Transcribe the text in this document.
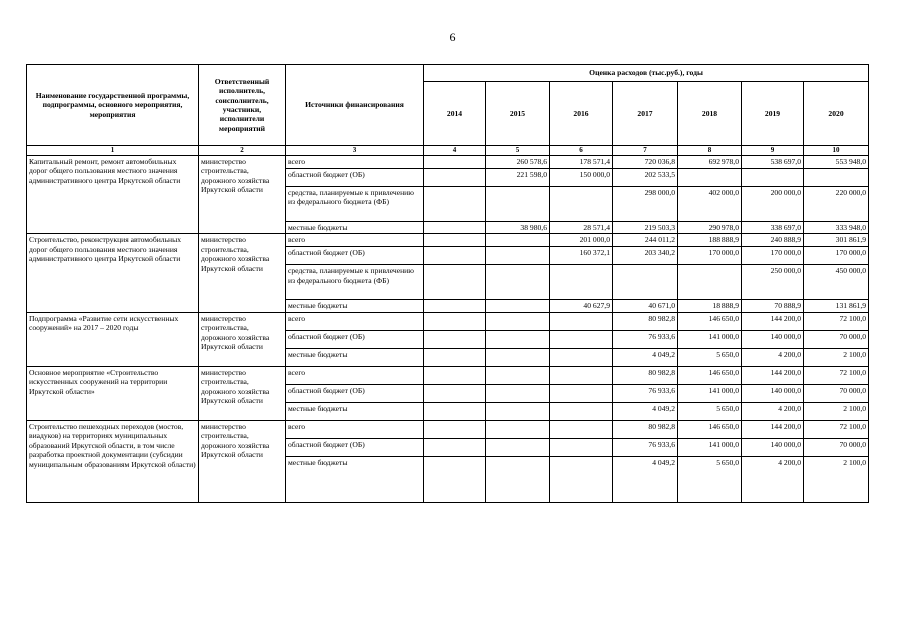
6
Наименование государственной программы, подпрограммы, основного мероприятия, мероприятия	Ответственный исполнитель, соисполнитель, участники, исполнители мероприятий	Источники финансирования	Оценка расходов (тыс.руб.), годы						
			2014	2015	2016	2017	2018	2019	2020
1	2	3	4	5	6	7	8	9	10
Капитальный ремонт, ремонт автомобильных дорог общего пользования местного значения административного центра Иркутской области	министерство строительства, дорожного хозяйства Иркутской области	всего		260 578,6	178 571,4	720 036,8	692 978,0	538 697,0	553 948,0
		областной бюджет (ОБ)		221 598,0	150 000,0	202 533,5			
		средства, планируемые к привлечению из федерального бюджета (ФБ)				298 000,0	402 000,0	200 000,0	220 000,0
		местные бюджеты		38 980,6	28 571,4	219 503,3	290 978,0	338 697,0	333 948,0
Строительство, реконструкция автомобильных дорог общего пользования местного значения административного центра Иркутской области	министерство строительства, дорожного хозяйства Иркутской области	всего			201 000,0	244 011,2	188 888,9	240 888,9	301 861,9
		областной бюджет (ОБ)			160 372,1	203 340,2	170 000,0	170 000,0	170 000,0
		средства, планируемые к привлечению из федерального бюджета (ФБ)						250 000,0	450 000,0
		местные бюджеты			40 627,9	40 671,0	18 888,9	70 888,9	131 861,9
Подпрограмма «Развитие сети искусственных сооружений» на 2017 – 2020 годы	министерство строительства, дорожного хозяйства Иркутской области	всего				80 982,8	146 650,0	144 200,0	72 100,0
		областной бюджет (ОБ)				76 933,6	141 000,0	140 000,0	70 000,0
		местные бюджеты				4 049,2	5 650,0	4 200,0	2 100,0
Основное мероприятие «Строительство искусственных сооружений на территории Иркутской области»	министерство строительства, дорожного хозяйства Иркутской области	всего				80 982,8	146 650,0	144 200,0	72 100,0
		областной бюджет (ОБ)				76 933,6	141 000,0	140 000,0	70 000,0
		местные бюджеты				4 049,2	5 650,0	4 200,0	2 100,0
Строительство пешеходных переходов (мостов, виадуков) на территориях муниципальных образований Иркутской области, в том числе разработка проектной документации (субсидии муниципальным образованиям Иркутской области)	министерство строительства, дорожного хозяйства Иркутской области	всего				80 982,8	146 650,0	144 200,0	72 100,0
		областной бюджет (ОБ)				76 933,6	141 000,0	140 000,0	70 000,0
		местные бюджеты				4 049,2	5 650,0	4 200,0	2 100,0
